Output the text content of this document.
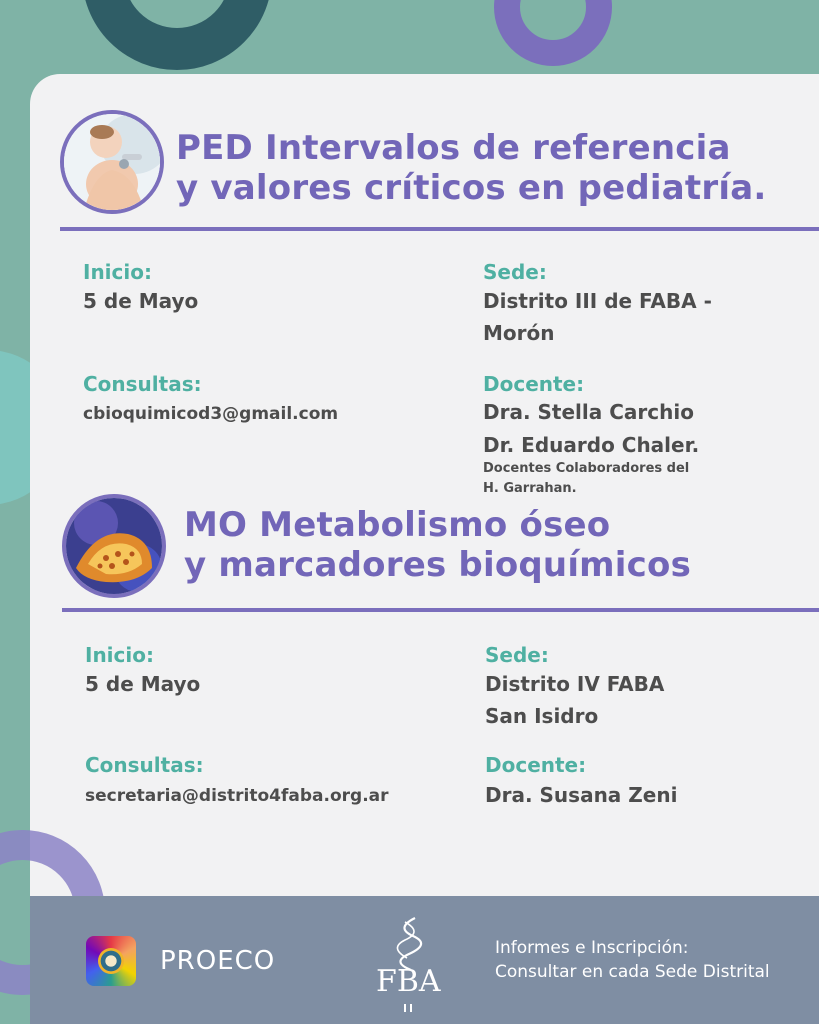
PED Intervalos de referencia
y valores críticos en pediatría.
Inicio:
5 de Mayo
Sede:
Distrito III de FABA -
Morón
Consultas:
cbioquimicod3@gmail.com
Docente:
Dra. Stella Carchio
Dr. Eduardo Chaler.
Docentes Colaboradores del
H. Garrahan.
MO Metabolismo óseo
y marcadores bioquímicos
Inicio:
5 de Mayo
Sede:
Distrito IV FABA
San Isidro
Consultas:
secretaria@distrito4faba.org.ar
Docente:
Dra. Susana Zeni
PROECO
FBA
Informes e Inscripción:
Consultar en cada Sede Distrital
